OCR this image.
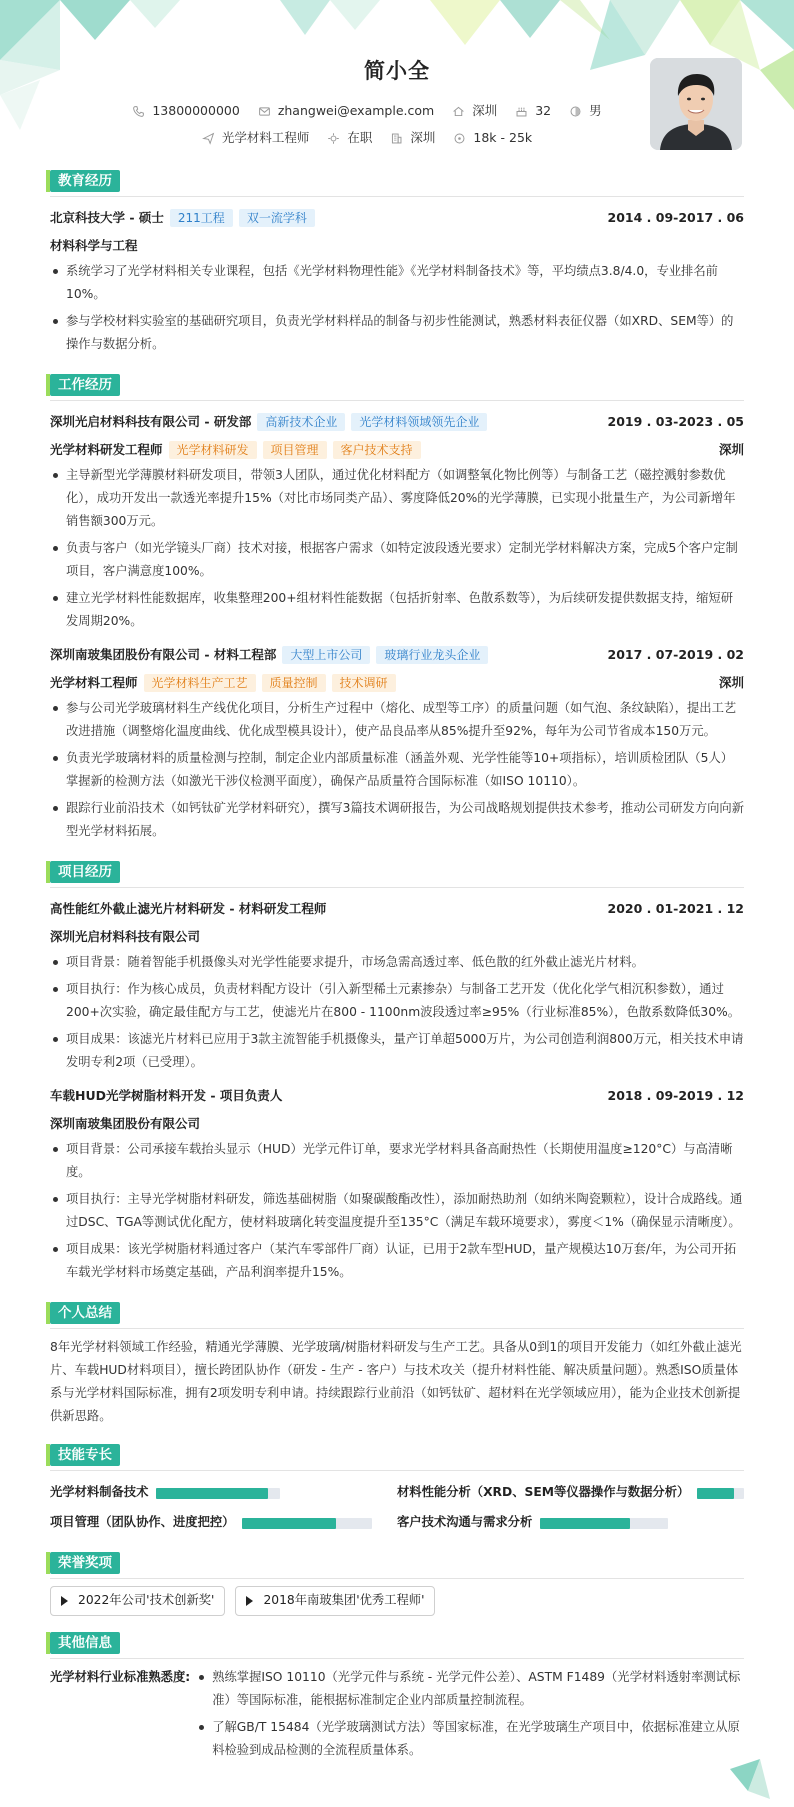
简小全
13800000000	zhangwei@example.com	深圳	32	男
光学材料工程师	在职	深圳	18k - 25k
教育经历
北京科技大学 - 硕士	211工程	双一流学科	2014 . 09-2017 . 06
材料科学与工程
系统学习了光学材料相关专业课程，包括《光学材料物理性能》《光学材料制备技术》等，平均绩点3.8/4.0，专业排名前10%。
参与学校材料实验室的基础研究项目，负责光学材料样品的制备与初步性能测试，熟悉材料表征仪器（如XRD、SEM等）的操作与数据分析。
工作经历
深圳光启材料科技有限公司 - 研发部	高新技术企业	光学材料领域领先企业	2019 . 03-2023 . 05
光学材料研发工程师	光学材料研发	项目管理	客户技术支持	深圳
主导新型光学薄膜材料研发项目，带领3人团队，通过优化材料配方（如调整氧化物比例等）与制备工艺（磁控溅射参数优化），成功开发出一款透光率提升15%（对比市场同类产品）、雾度降低20%的光学薄膜，已实现小批量生产，为公司新增年销售额300万元。
负责与客户（如光学镜头厂商）技术对接，根据客户需求（如特定波段透光要求）定制光学材料解决方案，完成5个客户定制项目，客户满意度100%。
建立光学材料性能数据库，收集整理200+组材料性能数据（包括折射率、色散系数等），为后续研发提供数据支持，缩短研发周期20%。
深圳南玻集团股份有限公司 - 材料工程部	大型上市公司	玻璃行业龙头企业	2017 . 07-2019 . 02
光学材料工程师	光学材料生产工艺	质量控制	技术调研	深圳
参与公司光学玻璃材料生产线优化项目，分析生产过程中（熔化、成型等工序）的质量问题（如气泡、条纹缺陷），提出工艺改进措施（调整熔化温度曲线、优化成型模具设计），使产品良品率从85%提升至92%，每年为公司节省成本150万元。
负责光学玻璃材料的质量检测与控制，制定企业内部质量标准（涵盖外观、光学性能等10+项指标），培训质检团队（5人）掌握新的检测方法（如激光干涉仪检测平面度），确保产品质量符合国际标准（如ISO 10110）。
跟踪行业前沿技术（如钙钛矿光学材料研究），撰写3篇技术调研报告，为公司战略规划提供技术参考，推动公司研发方向向新型光学材料拓展。
项目经历
高性能红外截止滤光片材料研发 - 材料研发工程师	2020 . 01-2021 . 12
深圳光启材料科技有限公司
项目背景：随着智能手机摄像头对光学性能要求提升，市场急需高透过率、低色散的红外截止滤光片材料。
项目执行：作为核心成员，负责材料配方设计（引入新型稀土元素掺杂）与制备工艺开发（优化化学气相沉积参数），通过200+次实验，确定最佳配方与工艺，使滤光片在800 - 1100nm波段透过率≥95%（行业标准85%），色散系数降低30%。
项目成果：该滤光片材料已应用于3款主流智能手机摄像头，量产订单超5000万片，为公司创造利润800万元，相关技术申请发明专利2项（已受理）。
车载HUD光学树脂材料开发 - 项目负责人	2018 . 09-2019 . 12
深圳南玻集团股份有限公司
项目背景：公司承接车载抬头显示（HUD）光学元件订单，要求光学材料具备高耐热性（长期使用温度≥120°C）与高清晰度。
项目执行：主导光学树脂材料研发，筛选基础树脂（如聚碳酸酯改性），添加耐热助剂（如纳米陶瓷颗粒），设计合成路线。通过DSC、TGA等测试优化配方，使材料玻璃化转变温度提升至135°C（满足车载环境要求），雾度＜1%（确保显示清晰度）。
项目成果：该光学树脂材料通过客户（某汽车零部件厂商）认证，已用于2款车型HUD，量产规模达10万套/年，为公司开拓车载光学材料市场奠定基础，产品利润率提升15%。
个人总结
8年光学材料领域工作经验，精通光学薄膜、光学玻璃/树脂材料研发与生产工艺。具备从0到1的项目开发能力（如红外截止滤光片、车载HUD材料项目），擅长跨团队协作（研发 - 生产 - 客户）与技术攻关（提升材料性能、解决质量问题）。熟悉ISO质量体系与光学材料国际标准，拥有2项发明专利申请。持续跟踪行业前沿（如钙钛矿、超材料在光学领域应用），能为企业技术创新提供新思路。
技能专长
光学材料制备技术	材料性能分析（XRD、SEM等仪器操作与数据分析）
项目管理（团队协作、进度把控）	客户技术沟通与需求分析
荣誉奖项
2022年公司'技术创新奖'	2018年南玻集团'优秀工程师'
其他信息
光学材料行业标准熟悉度:	熟练掌握ISO 10110（光学元件与系统 - 光学元件公差）、ASTM F1489（光学材料透射率测试标准）等国际标准，能根据标准制定企业内部质量控制流程。
了解GB/T 15484（光学玻璃测试方法）等国家标准，在光学玻璃生产项目中，依据标准建立从原料检验到成品检测的全流程质量体系。
